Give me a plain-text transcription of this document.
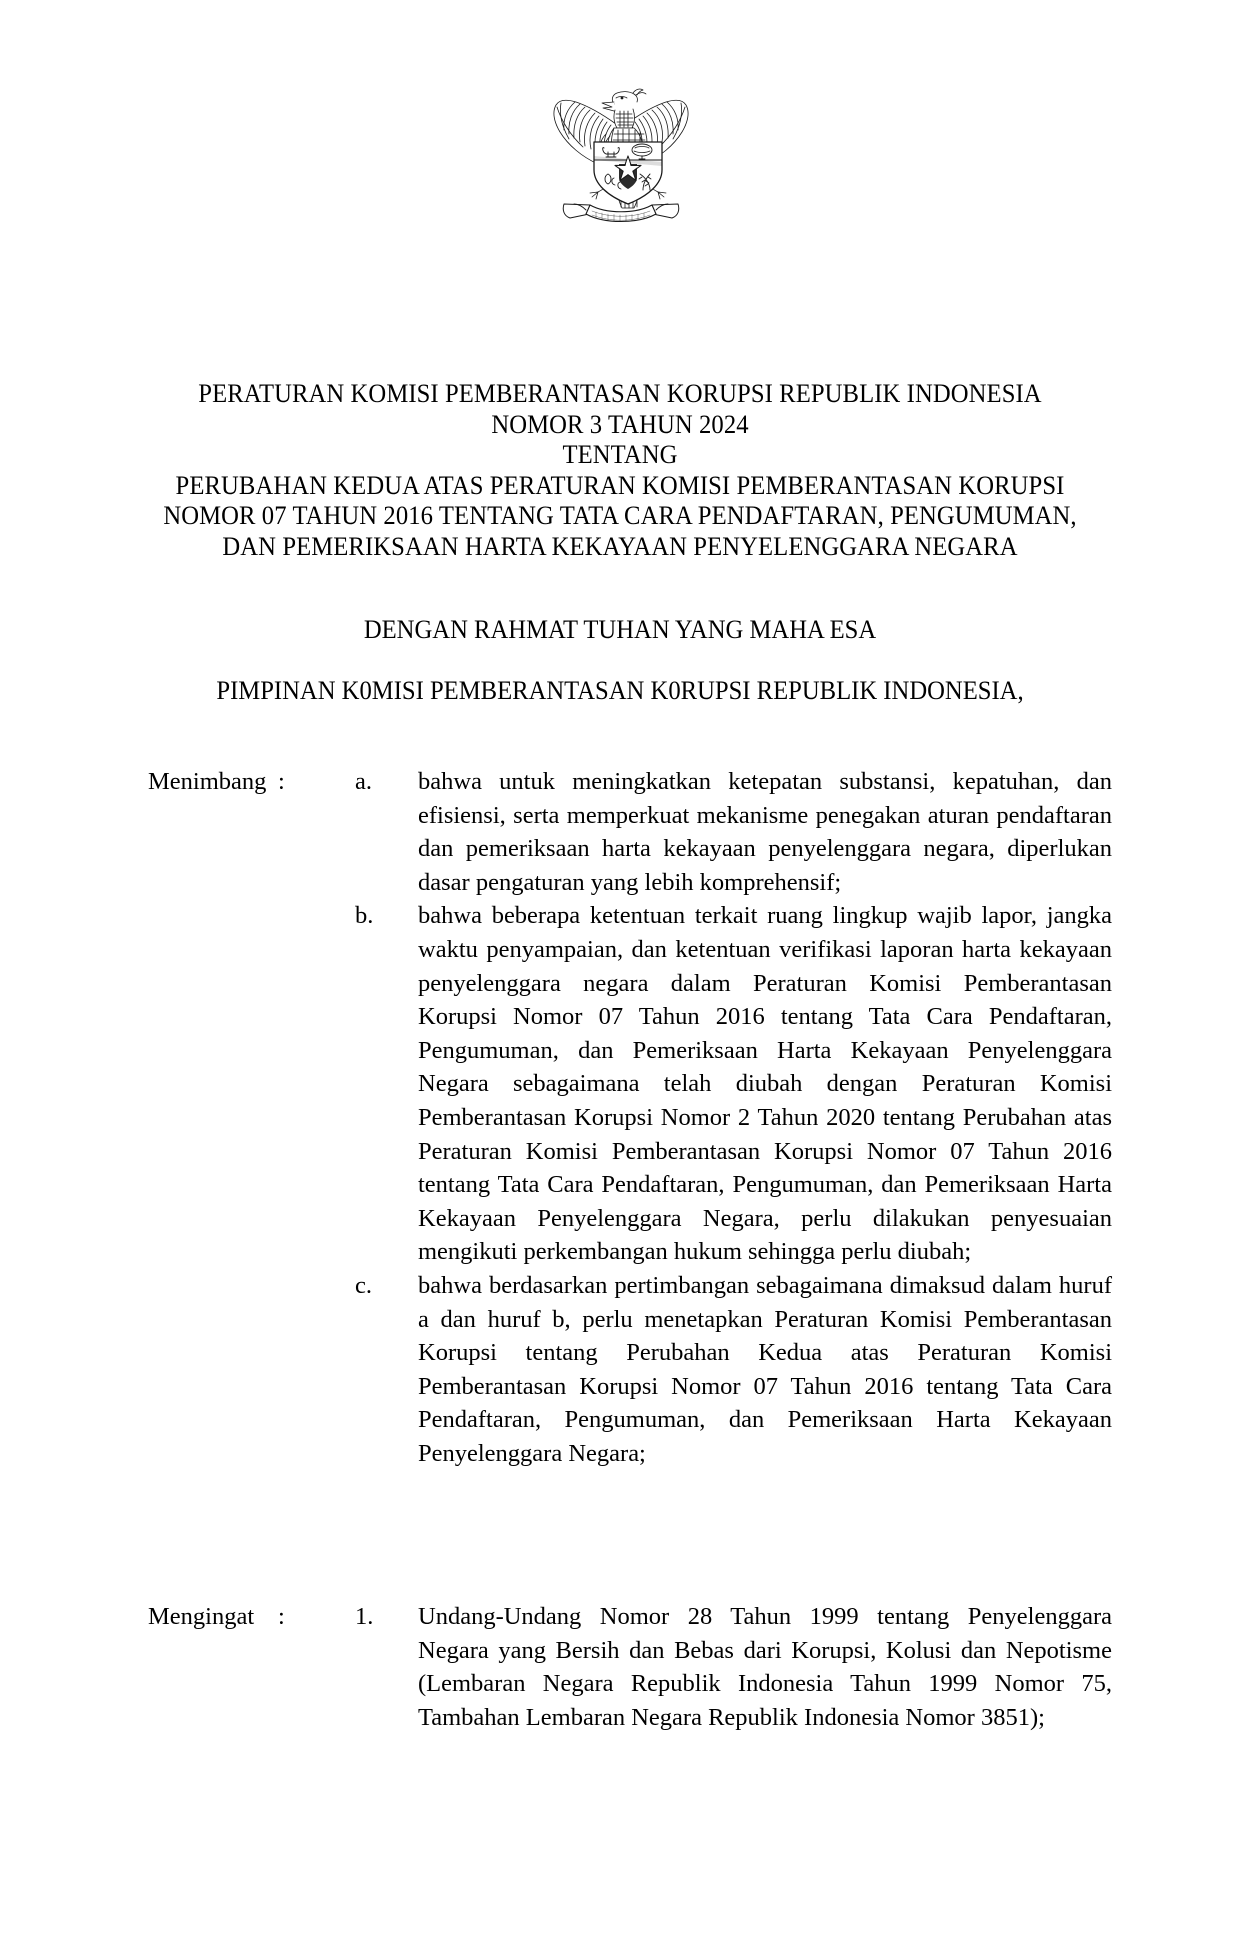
PERATURAN KOMISI PEMBERANTASAN KORUPSI REPUBLIK INDONESIA
NOMOR 3 TAHUN 2024
TENTANG
PERUBAHAN KEDUA ATAS PERATURAN KOMISI PEMBERANTASAN KORUPSI NOMOR 07 TAHUN 2016 TENTANG TATA CARA PENDAFTARAN, PENGUMUMAN, DAN PEMERIKSAAN HARTA KEKAYAAN PENYELENGGARA NEGARA
DENGAN RAHMAT TUHAN YANG MAHA ESA
PIMPINAN K0MISI PEMBERANTASAN K0RUPSI REPUBLIK INDONESIA,
Menimbang :	a.	bahwa untuk meningkatkan ketepatan substansi, kepatuhan, dan efisiensi, serta memperkuat mekanisme penegakan aturan pendaftaran dan pemeriksaan harta kekayaan penyelenggara negara, diperlukan dasar pengaturan yang lebih komprehensif;
b.	bahwa beberapa ketentuan terkait ruang lingkup wajib lapor, jangka waktu penyampaian, dan ketentuan verifikasi laporan harta kekayaan penyelenggara negara dalam Peraturan Komisi Pemberantasan Korupsi Nomor 07 Tahun 2016 tentang Tata Cara Pendaftaran, Pengumuman, dan Pemeriksaan Harta Kekayaan Penyelenggara Negara sebagaimana telah diubah dengan Peraturan Komisi Pemberantasan Korupsi Nomor 2 Tahun 2020 tentang Perubahan atas Peraturan Komisi Pemberantasan Korupsi Nomor 07 Tahun 2016 tentang Tata Cara Pendaftaran, Pengumuman, dan Pemeriksaan Harta Kekayaan Penyelenggara Negara, perlu dilakukan penyesuaian mengikuti perkembangan hukum sehingga perlu diubah;
c.	bahwa berdasarkan pertimbangan sebagaimana dimaksud dalam huruf a dan huruf b, perlu menetapkan Peraturan Komisi Pemberantasan Korupsi tentang Perubahan Kedua atas Peraturan Komisi Pemberantasan Korupsi Nomor 07 Tahun 2016 tentang Tata Cara Pendaftaran, Pengumuman, dan Pemeriksaan Harta Kekayaan Penyelenggara Negara;
Mengingat :	1.	Undang-Undang Nomor 28 Tahun 1999 tentang Penyelenggara Negara yang Bersih dan Bebas dari Korupsi, Kolusi dan Nepotisme (Lembaran Negara Republik Indonesia Tahun 1999 Nomor 75, Tambahan Lembaran Negara Republik Indonesia Nomor 3851);
